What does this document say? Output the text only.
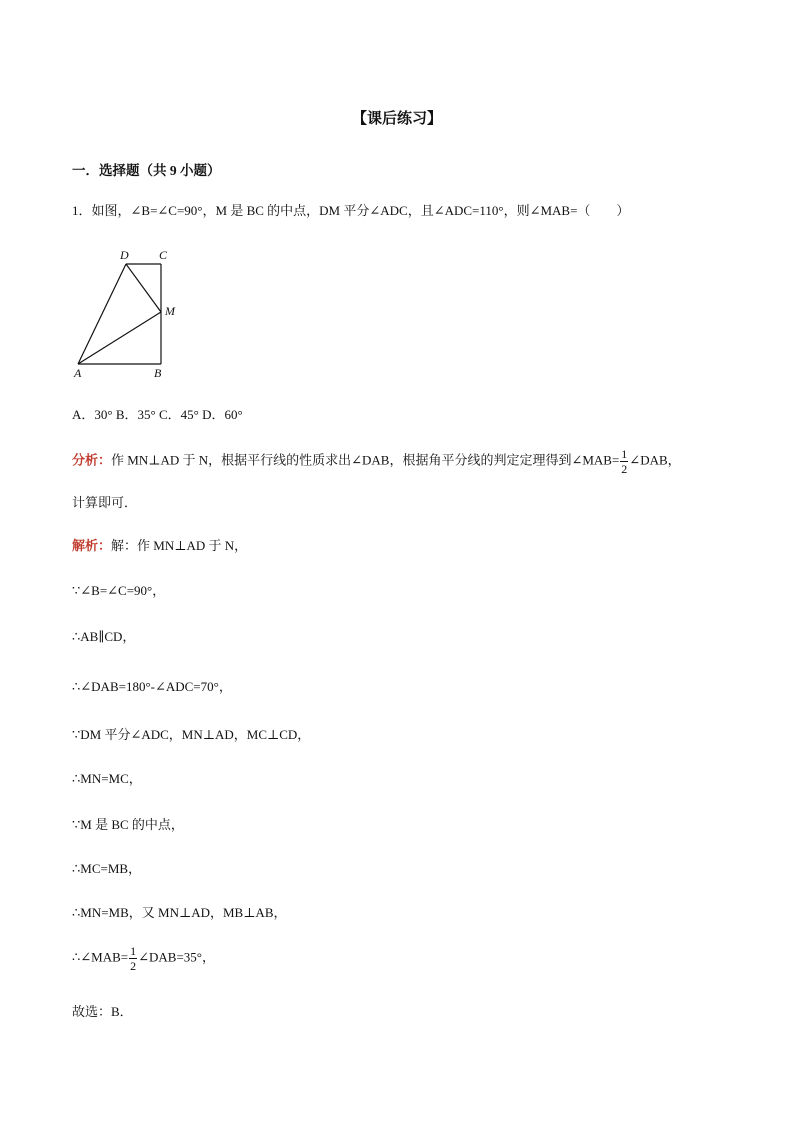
【课后练习】
一．选择题（共 9 小题）
1．如图，∠B=∠C=90°，M 是 BC 的中点，DM 平分∠ADC，且∠ADC=110°，则∠MAB=（　　）
D	C
M
A	B
A．30° B．35° C．45° D．60°
分析：作 MN⊥AD 于 N，根据平行线的性质求出∠DAB，根据角平分线的判定定理得到∠MAB= $\frac{1}{2}$ ∠DAB，
计算即可．
解析：解：作 MN⊥AD 于 N，
∵∠B=∠C=90°，
∴AB∥CD，
∴∠DAB=180°-∠ADC=70°，
∵DM 平分∠ADC，MN⊥AD，MC⊥CD，
∴MN=MC，
∵M 是 BC 的中点，
∴MC=MB，
∴MN=MB，又 MN⊥AD，MB⊥AB，
∴∠MAB= $\frac{1}{2}$ ∠DAB=35°，
故选：B．
